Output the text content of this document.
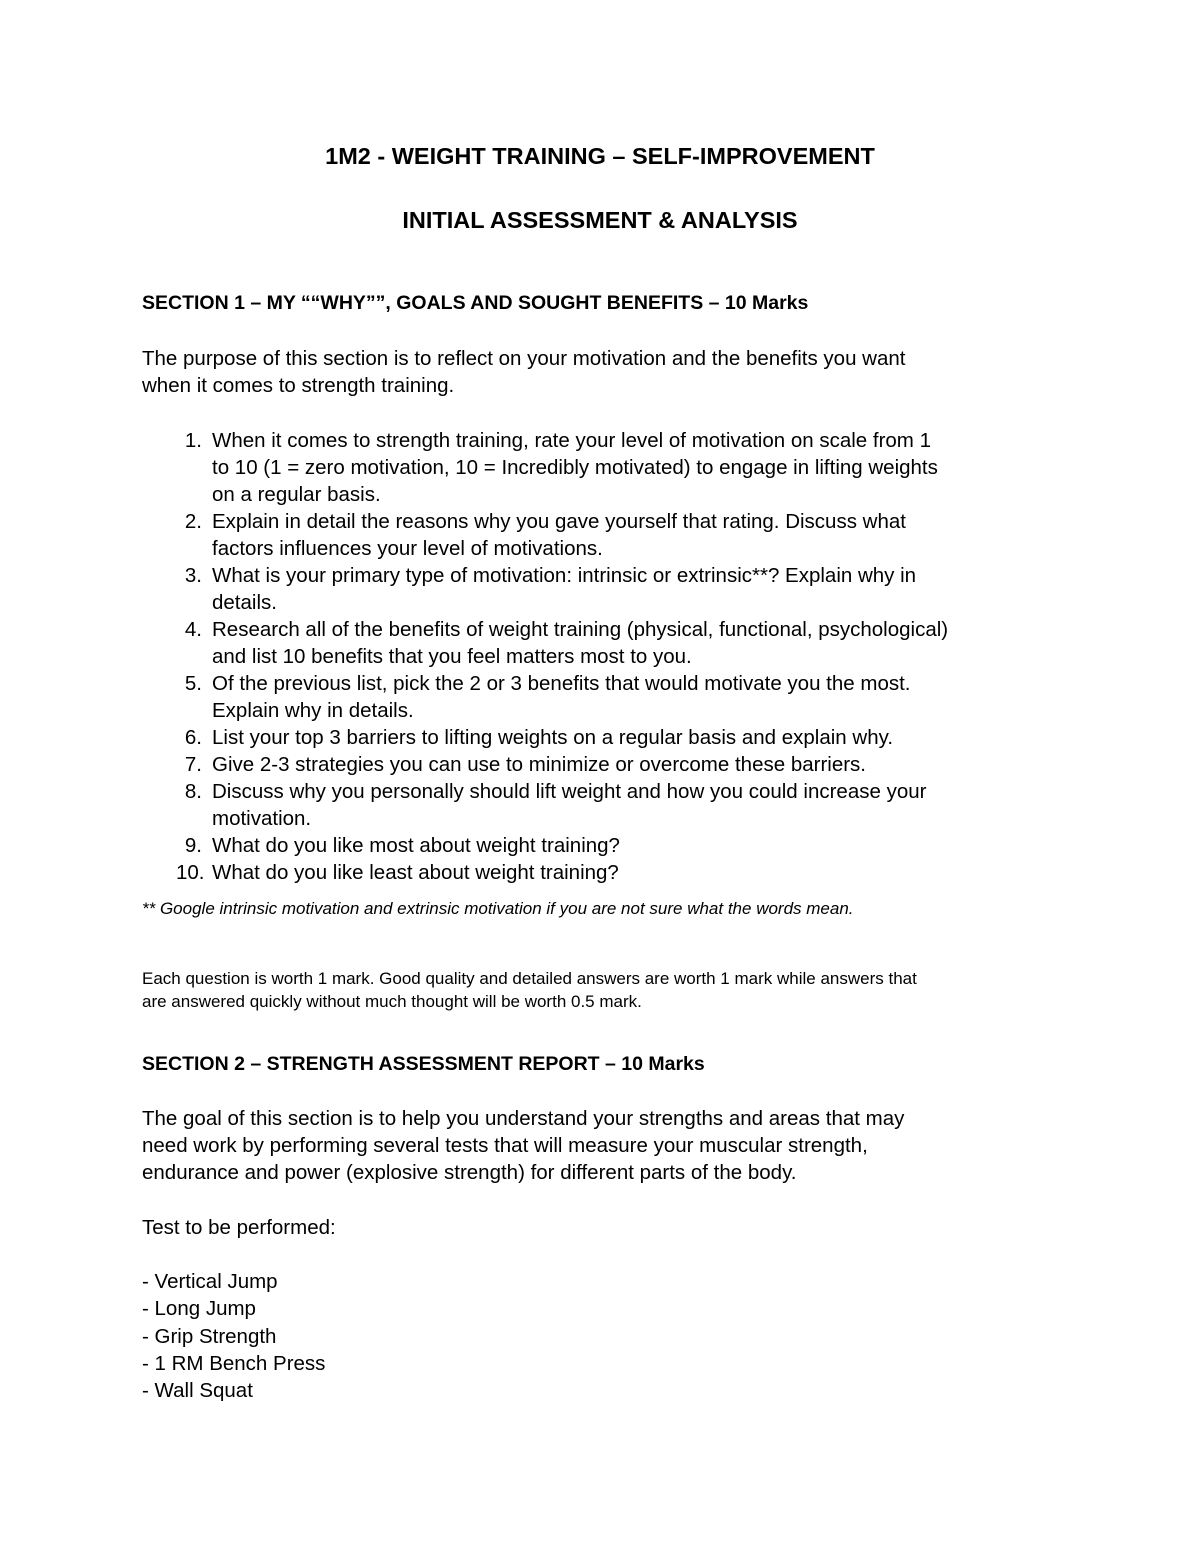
1M2 - WEIGHT TRAINING – SELF-IMPROVEMENT

INITIAL ASSESSMENT & ANALYSIS

SECTION 1 – MY ““WHY””, GOALS AND SOUGHT BENEFITS – 10 Marks

The purpose of this section is to reflect on your motivation and the benefits you want

when it comes to strength training.

1. When it comes to strength training, rate your level of motivation on scale from 1
to 10 (1 = zero motivation, 10 = Incredibly motivated) to engage in lifting weights
on a regular basis.
2. Explain in detail the reasons why you gave yourself that rating. Discuss what
factors influences your level of motivations.
3. What is your primary type of motivation: intrinsic or extrinsic**? Explain why in
details.
4. Research all of the benefits of weight training (physical, functional, psychological)
and list 10 benefits that you feel matters most to you.
5. Of the previous list, pick the 2 or 3 benefits that would motivate you the most.
Explain why in details.
6. List your top 3 barriers to lifting weights on a regular basis and explain why.
7. Give 2-3 strategies you can use to minimize or overcome these barriers.
8. Discuss why you personally should lift weight and how you could increase your
motivation.
9. What do you like most about weight training?
10. What do you like least about weight training?

** Google intrinsic motivation and extrinsic motivation if you are not sure what the words mean.

Each question is worth 1 mark. Good quality and detailed answers are worth 1 mark while answers that

are answered quickly without much thought will be worth 0.5 mark.

SECTION 2 – STRENGTH ASSESSMENT REPORT – 10 Marks

The goal of this section is to help you understand your strengths and areas that may

need work by performing several tests that will measure your muscular strength,

endurance and power (explosive strength) for different parts of the body.

Test to be performed:

- Vertical Jump
- Long Jump
- Grip Strength
- 1 RM Bench Press
- Wall Squat
